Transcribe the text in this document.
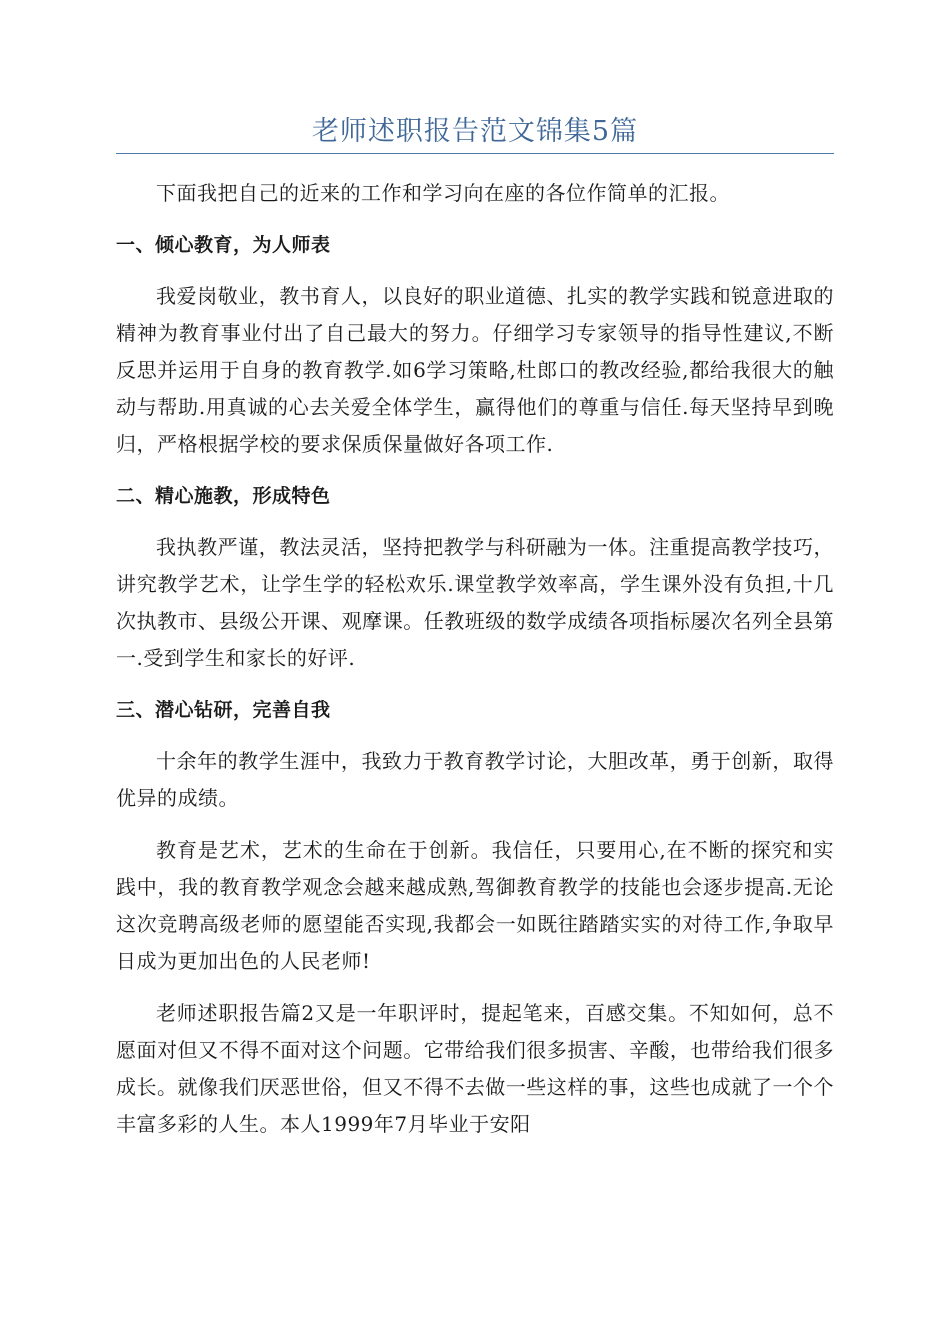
老师述职报告范文锦集5篇

下面我把自己的近来的工作和学习向在座的各位作简单的汇报。

一、倾心教育，为人师表

我爱岗敬业，教书育人，以良好的职业道德、扎实的教学实践和锐意进取的精神为教育事业付出了自己最大的努力。仔细学习专家领导的指导性建议,不断反思并运用于自身的教育教学.如6学习策略,杜郎口的教改经验,都给我很大的触动与帮助.用真诚的心去关爱全体学生，赢得他们的尊重与信任.每天坚持早到晚归，严格根据学校的要求保质保量做好各项工作.

二、精心施教，形成特色

我执教严谨，教法灵活，坚持把教学与科研融为一体。注重提高教学技巧，讲究教学艺术，让学生学的轻松欢乐.课堂教学效率高，学生课外没有负担,十几次执教市、县级公开课、观摩课。任教班级的数学成绩各项指标屡次名列全县第一.受到学生和家长的好评.

三、潜心钻研，完善自我

十余年的教学生涯中，我致力于教育教学讨论，大胆改革，勇于创新，取得优异的成绩。

教育是艺术，艺术的生命在于创新。我信任，只要用心,在不断的探究和实践中，我的教育教学观念会越来越成熟,驾御教育教学的技能也会逐步提高.无论这次竞聘高级老师的愿望能否实现,我都会一如既往踏踏实实的对待工作,争取早日成为更加出色的人民老师!

老师述职报告篇2又是一年职评时，提起笔来，百感交集。不知如何，总不愿面对但又不得不面对这个问题。它带给我们很多损害、辛酸，也带给我们很多成长。就像我们厌恶世俗，但又不得不去做一些这样的事，这些也成就了一个个丰富多彩的人生。本人1999年7月毕业于安阳
